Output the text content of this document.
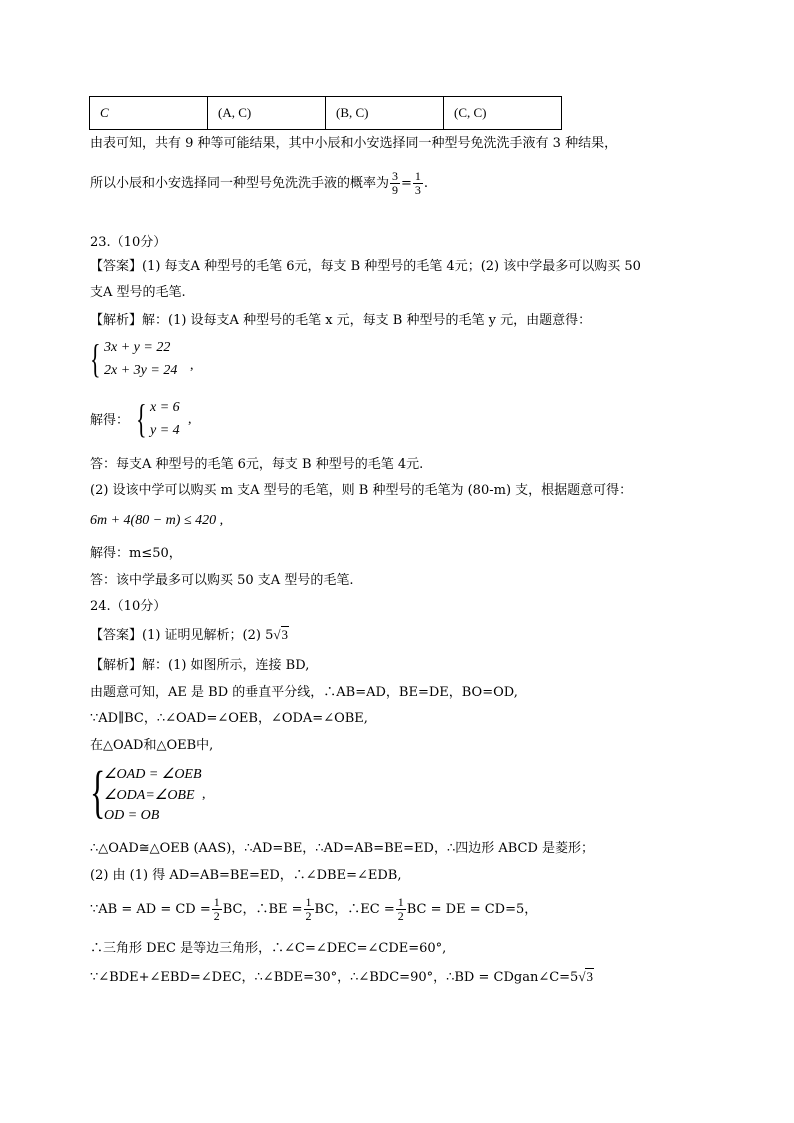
C	(A, C)	(B, C)	(C, C)
由表可知，共有 9 种等可能结果，其中小辰和小安选择同一种型号免洗洗手液有 3 种结果，
所以小辰和小安选择同一种型号免洗洗手液的概率为 $\frac{3}{9} = \frac{1}{3}$ .
23.（10分）
【答案】(1) 每支A 种型号的毛笔 6元，每支 B 种型号的毛笔 4元；(2) 该中学最多可以购买 50
支A 型号的毛笔.
【解析】解：(1) 设每支A 种型号的毛笔 x 元，每支 B 种型号的毛笔 y 元，由题意得：
{ 3x + y = 22
2x + 3y = 24 ,
解得： { x = 6
y = 4
,
答：每支A 种型号的毛笔 6元，每支 B 种型号的毛笔 4元.
(2) 设该中学可以购买 m 支A 型号的毛笔，则 B 种型号的毛笔为 (80-m) 支，根据题意可得：
6m + 4(80 − m) ≤ 420 ,
解得：m≤50，
答：该中学最多可以购买 50 支A 型号的毛笔.
24.（10分）
【答案】(1) 证明见解析；(2) 5√3
【解析】解：(1) 如图所示，连接 BD,
由题意可知，AE 是 BD 的垂直平分线，∴AB=AD，BE=DE，BO=OD,
∵AD∥BC，∴∠OAD=∠OEB，∠ODA=∠OBE,
在△OAD和△OEB中,
{
∠OAD = ∠OEB
∠ODA=∠OBE
OD = OB
,
∴△OAD≅△OEB (AAS)，∴AD=BE，∴AD=AB=BE=ED，∴四边形 ABCD 是菱形；
(2) 由 (1) 得 AD=AB=BE=ED，∴∠DBE=∠EDB,
∵AB = AD = CD = $\frac{1}{2}$ BC，∴BE = $\frac{1}{2}$ BC，∴EC = $\frac{1}{2}$ BC = DE = CD=5，
∴三角形 DEC 是等边三角形，∴∠C=∠DEC=∠CDE=60°,
∵∠BDE+∠EBD=∠DEC，∴∠BDE=30°，∴∠BDC=90°，∴BD = CDgan∠C=5√3
